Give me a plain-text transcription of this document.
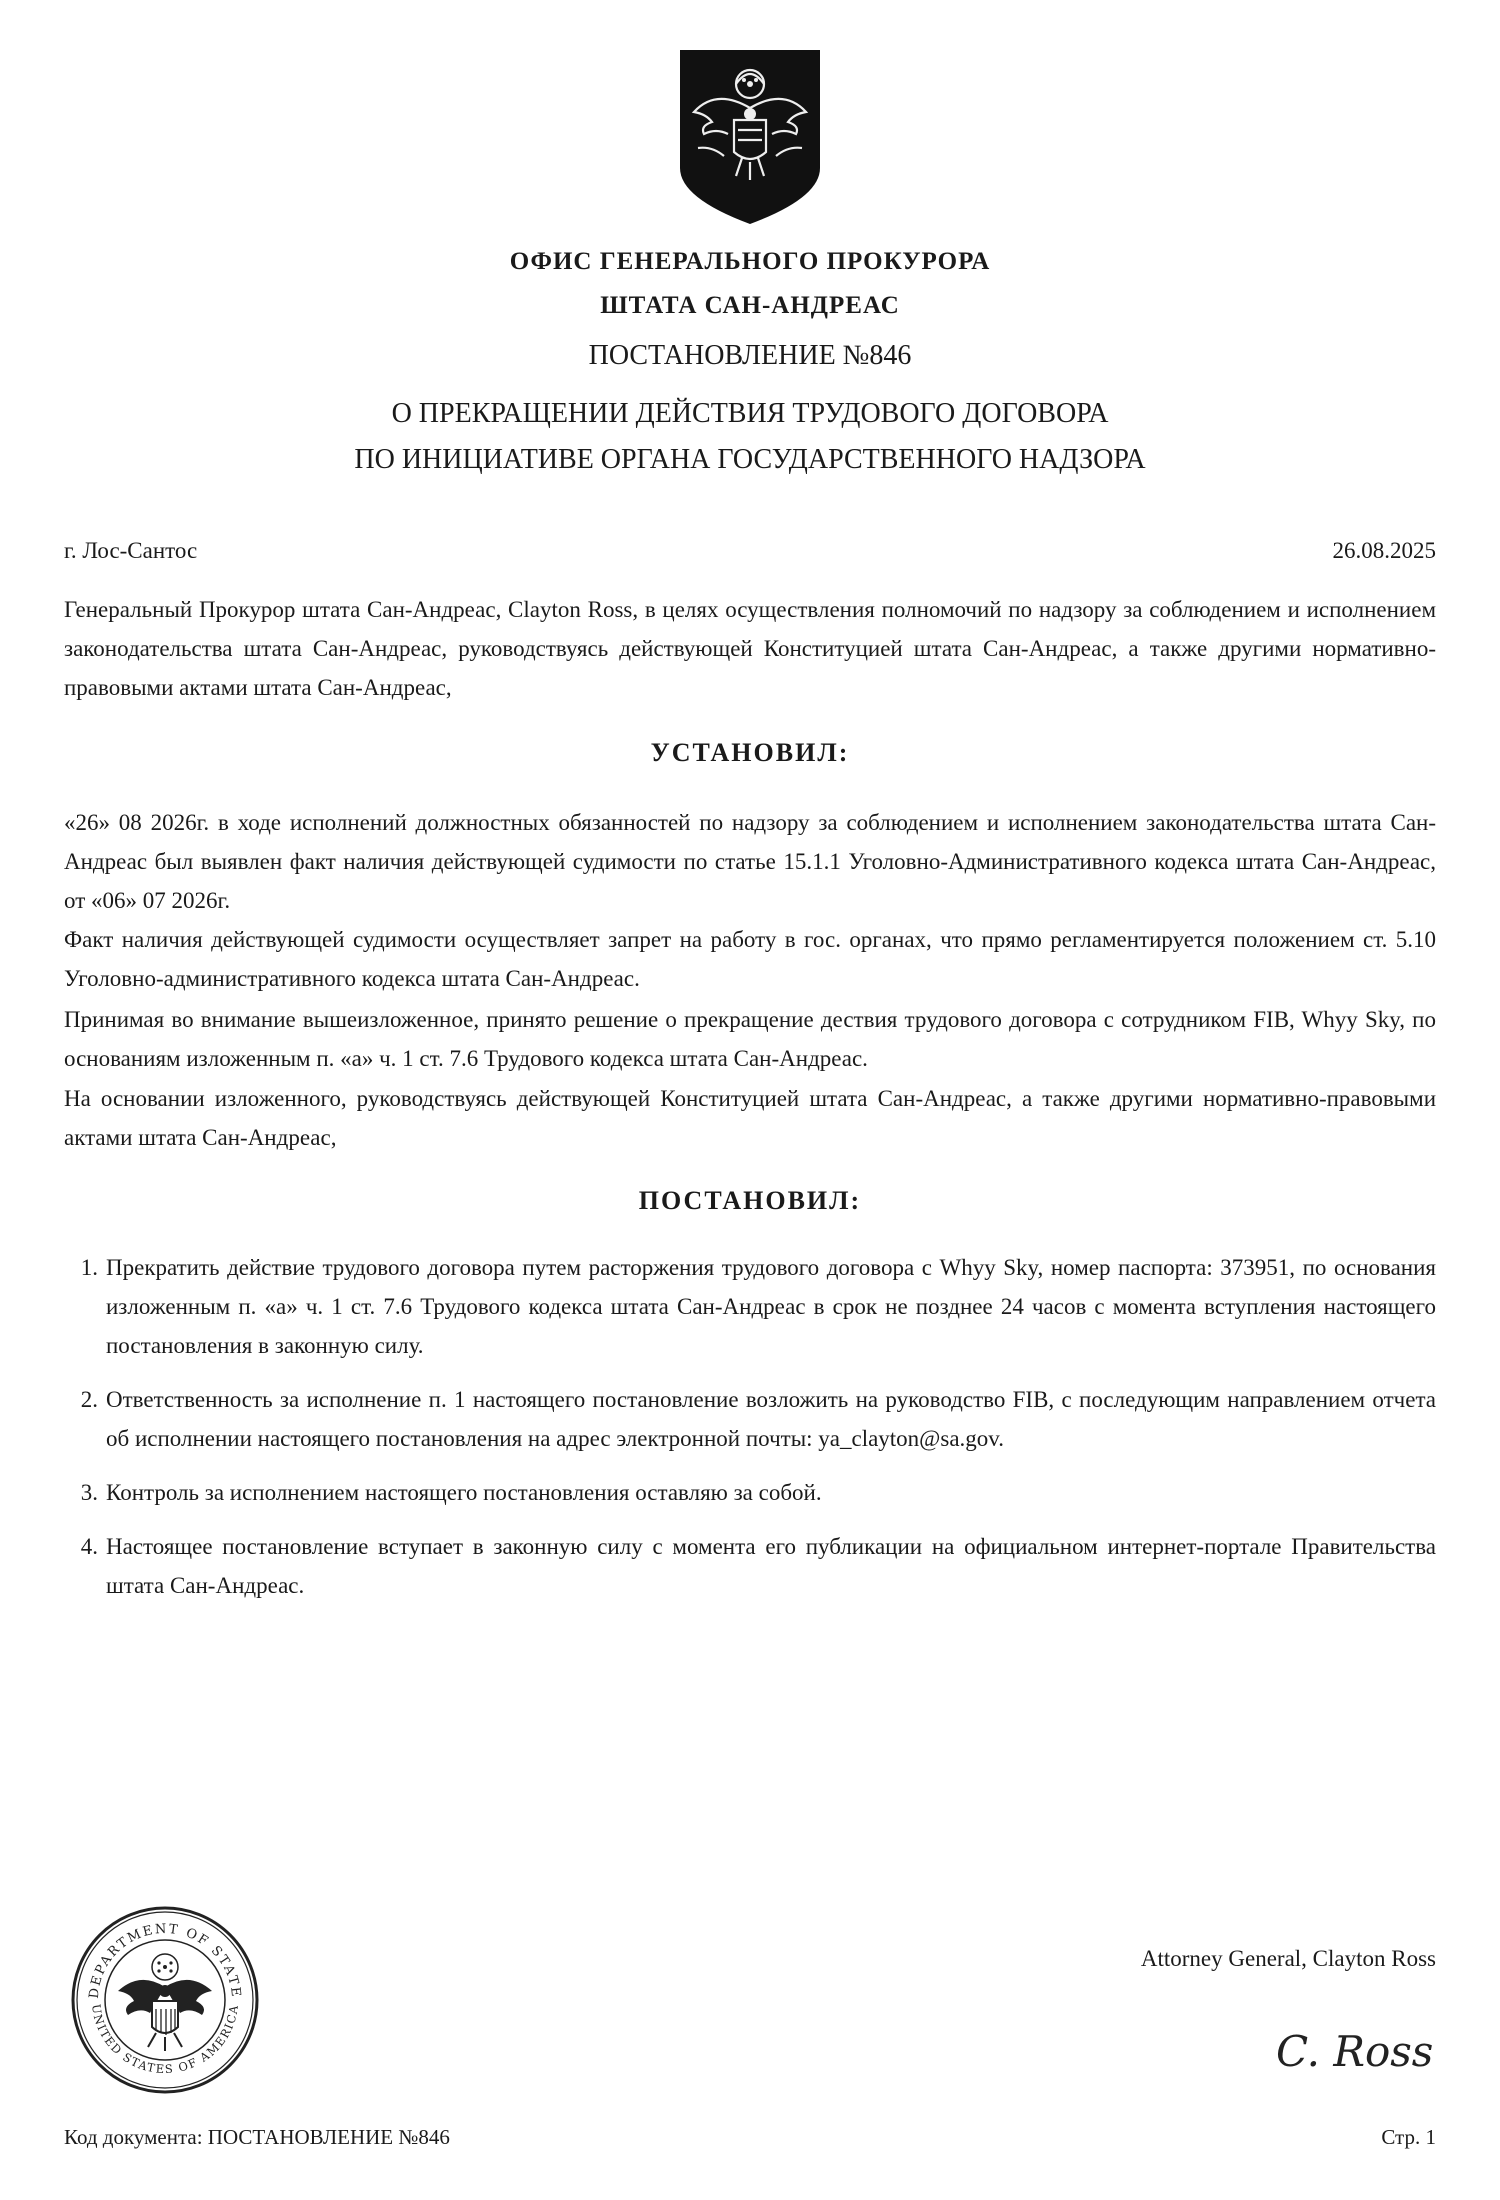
ОФИС ГЕНЕРАЛЬНОГО ПРОКУРОРА
ШТАТА САН-АНДРЕАС
ПОСТАНОВЛЕНИЕ №846
О ПРЕКРАЩЕНИИ ДЕЙСТВИЯ ТРУДОВОГО ДОГОВОРА
ПО ИНИЦИАТИВЕ ОРГАНА ГОСУДАРСТВЕННОГО НАДЗОРА
г. Лос-Сантос	26.08.2025

Генеральный Прокурор штата Сан-Андреас, Clayton Ross, в целях осуществления полномочий по надзору за соблюдением и исполнением законодательства штата Сан-Андреас, руководствуясь действующей Конституцией штата Сан-Андреас, а также другими нормативно-правовыми актами штата Сан-Андреас,

УСТАНОВИЛ:

«26» 08 2026г. в ходе исполнений должностных обязанностей по надзору за соблюдением и исполнением законодательства штата Сан-Андреас был выявлен факт наличия действующей судимости по статье 15.1.1 Уголовно-Административного кодекса штата Сан-Андреас, от «06» 07 2026г.

Факт наличия действующей судимости осуществляет запрет на работу в гос. органах, что прямо регламентируется положением ст. 5.10 Уголовно-административного кодекса штата Сан-Андреас.

Принимая во внимание вышеизложенное, принято решение о прекращение дествия трудового договора с сотрудником FIB, Whyy Sky, по основаниям изложенным п. «а» ч. 1 ст. 7.6 Трудового кодекса штата Сан-Андреас.

На основании изложенного, руководствуясь действующей Конституцией штата Сан-Андреас, а также другими нормативно-правовыми актами штата Сан-Андреас,

ПОСТАНОВИЛ:
1. Прекратить действие трудового договора путем расторжения трудового договора с Whyy Sky, номер паспорта: 373951, по основания изложенным п. «а» ч. 1 ст. 7.6 Трудового кодекса штата Сан-Андреас в срок не позднее 24 часов с момента вступления настоящего постановления в законную силу.
2. Ответственность за исполнение п. 1 настоящего постановление возложить на руководство FIB, с последующим направлением отчета об исполнении настоящего постановления на адрес электронной почты: ya_clayton@sa.gov.
3. Контроль за исполнением настоящего постановления оставляю за собой.
4. Настоящее постановление вступает в законную силу с момента его публикации на официальном интернет-портале Правительства штата Сан-Андреас.
DEPARTMENT OF STATE
UNITED STATES OF AMERICA
Attorney General, Clayton Ross
C. Ross
Код документа: ПОСТАНОВЛЕНИЕ №846	Стр. 1
